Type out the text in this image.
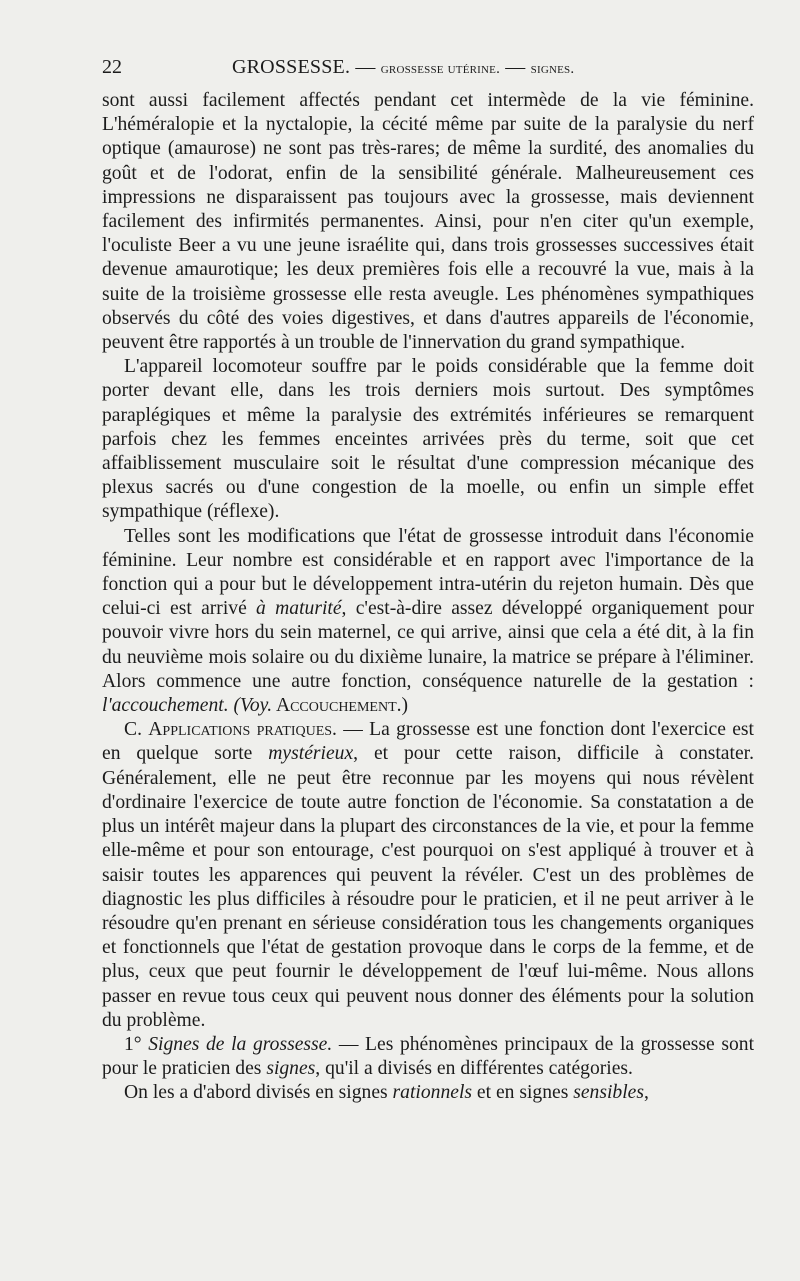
22	GROSSESSE. — grossesse utérine. — signes.

sont aussi facilement affectés pendant cet intermède de la vie féminine. L'héméralopie et la nyctalopie, la cécité même par suite de la paralysie du nerf optique (amaurose) ne sont pas très-rares; de même la surdité, des anomalies du goût et de l'odorat, enfin de la sensibilité générale. Malheureusement ces impressions ne disparaissent pas toujours avec la grossesse, mais deviennent facilement des infirmités permanentes. Ainsi, pour n'en citer qu'un exemple, l'oculiste Beer a vu une jeune israélite qui, dans trois grossesses successives était devenue amaurotique; les deux premières fois elle a recouvré la vue, mais à la suite de la troisième grossesse elle resta aveugle. Les phénomènes sympathiques observés du côté des voies digestives, et dans d'autres appareils de l'économie, peuvent être rapportés à un trouble de l'innervation du grand sympathique.

L'appareil locomoteur souffre par le poids considérable que la femme doit porter devant elle, dans les trois derniers mois surtout. Des symptômes paraplégiques et même la paralysie des extrémités inférieures se remarquent parfois chez les femmes enceintes arrivées près du terme, soit que cet affaiblissement musculaire soit le résultat d'une compression mécanique des plexus sacrés ou d'une congestion de la moelle, ou enfin un simple effet sympathique (réflexe).

Telles sont les modifications que l'état de grossesse introduit dans l'économie féminine. Leur nombre est considérable et en rapport avec l'importance de la fonction qui a pour but le développement intra-utérin du rejeton humain. Dès que celui-ci est arrivé à maturité, c'est-à-dire assez développé organiquement pour pouvoir vivre hors du sein maternel, ce qui arrive, ainsi que cela a été dit, à la fin du neuvième mois solaire ou du dixième lunaire, la matrice se prépare à l'éliminer. Alors commence une autre fonction, conséquence naturelle de la gestation : l'accouchement. (Voy. Accouchement.)

C. Applications pratiques. — La grossesse est une fonction dont l'exercice est en quelque sorte mystérieux, et pour cette raison, difficile à constater. Généralement, elle ne peut être reconnue par les moyens qui nous révèlent d'ordinaire l'exercice de toute autre fonction de l'économie. Sa constatation a de plus un intérêt majeur dans la plupart des circonstances de la vie, et pour la femme elle-même et pour son entourage, c'est pourquoi on s'est appliqué à trouver et à saisir toutes les apparences qui peuvent la révéler. C'est un des problèmes de diagnostic les plus difficiles à résoudre pour le praticien, et il ne peut arriver à le résoudre qu'en prenant en sérieuse considération tous les changements organiques et fonctionnels que l'état de gestation provoque dans le corps de la femme, et de plus, ceux que peut fournir le développement de l'œuf lui-même. Nous allons passer en revue tous ceux qui peuvent nous donner des éléments pour la solution du problème.

1° Signes de la grossesse. — Les phénomènes principaux de la grossesse sont pour le praticien des signes, qu'il a divisés en différentes catégories.

On les a d'abord divisés en signes rationnels et en signes sensibles,
